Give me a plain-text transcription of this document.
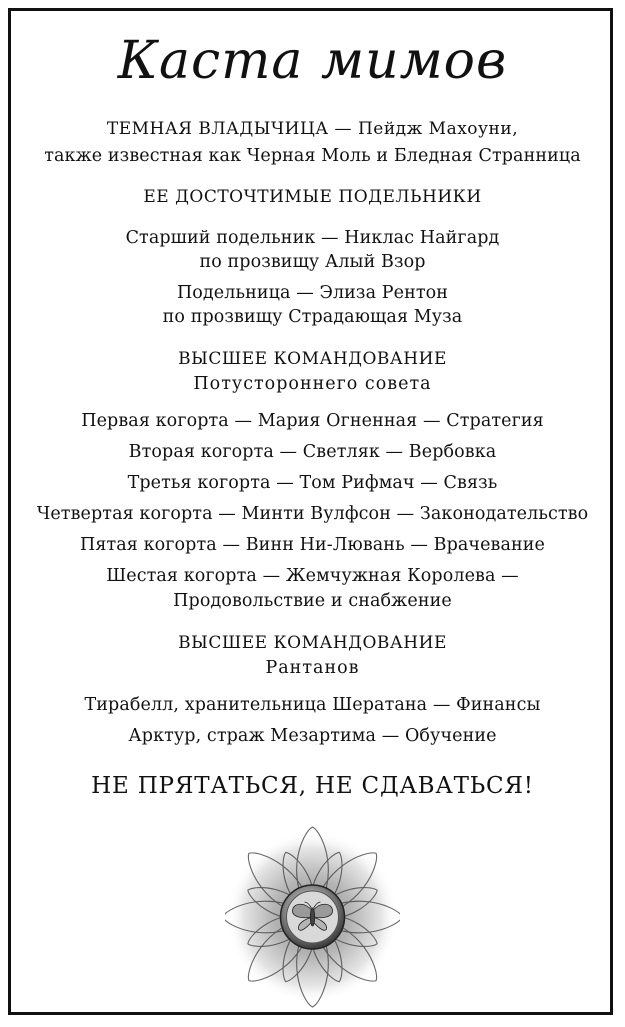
Каста мимов
ТЕМНАЯ ВЛАДЫЧИЦА — Пейдж Махоуни,
также известная как Черная Моль и Бледная Странница
ЕЕ ДОСТОЧТИМЫЕ ПОДЕЛЬНИКИ
Старший подельник — Никлас Найгард
по прозвищу Алый Взор
Подельница — Элиза Рентон
по прозвищу Страдающая Муза
ВЫСШЕЕ КОМАНДОВАНИЕ
Потустороннего совета
Первая когорта — Мария Огненная — Стратегия
Вторая когорта — Светляк — Вербовка
Третья когорта — Том Рифмач — Связь
Четвертая когорта — Минти Вулфсон — Законодательство
Пятая когорта — Винн Ни-Лювань — Врачевание
Шестая когорта — Жемчужная Королева —
Продовольствие и снабжение
ВЫСШЕЕ КОМАНДОВАНИЕ
Рантанов
Тирабелл, хранительница Шератана — Финансы
Арктур, страж Мезартима — Обучение
НЕ ПРЯТАТЬСЯ, НЕ СДАВАТЬСЯ!
